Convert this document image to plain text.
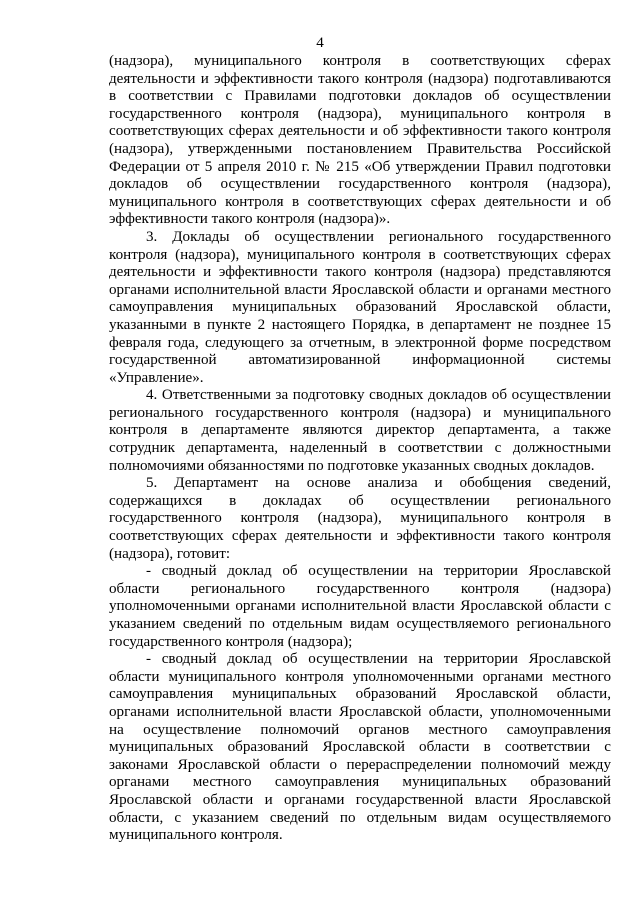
4

(надзора), муниципального контроля в соответствующих сферах деятельности и эффективности такого контроля (надзора) подготавливаются в соответствии с Правилами подготовки докладов об осуществлении государственного контроля (надзора), муниципального контроля в соответствующих сферах деятельности и об эффективности такого контроля (надзора), утвержденными постановлением Правительства Российской Федерации от 5 апреля 2010 г. № 215 «Об утверждении Правил подготовки докладов об осуществлении государственного контроля (надзора), муниципального контроля в соответствующих сферах деятельности и об эффективности такого контроля (надзора)».

3. Доклады об осуществлении регионального государственного контроля (надзора), муниципального контроля в соответствующих сферах деятельности и эффективности такого контроля (надзора) представляются органами исполнительной власти Ярославской области и органами местного самоуправления муниципальных образований Ярославской области, указанными в пункте 2 настоящего Порядка, в департамент не позднее 15 февраля года, следующего за отчетным, в электронной форме посредством государственной автоматизированной информационной системы «Управление».

4. Ответственными за подготовку сводных докладов об осуществлении регионального государственного контроля (надзора) и муниципального контроля в департаменте являются директор департамента, а также сотрудник департамента, наделенный в соответствии с должностными полномочиями обязанностями по подготовке указанных сводных докладов.

5. Департамент на основе анализа и обобщения сведений, содержащихся в докладах об осуществлении регионального государственного контроля (надзора), муниципального контроля в соответствующих сферах деятельности и эффективности такого контроля (надзора), готовит:

- сводный доклад об осуществлении на территории Ярославской области регионального государственного контроля (надзора) уполномоченными органами исполнительной власти Ярославской области с указанием сведений по отдельным видам осуществляемого регионального государственного контроля (надзора);

- сводный доклад об осуществлении на территории Ярославской области муниципального контроля уполномоченными органами местного самоуправления муниципальных образований Ярославской области, органами исполнительной власти Ярославской области, уполномоченными на осуществление полномочий органов местного самоуправления муниципальных образований Ярославской области в соответствии с законами Ярославской области о перераспределении полномочий между органами местного самоуправления муниципальных образований Ярославской области и органами государственной власти Ярославской области, с указанием сведений по отдельным видам осуществляемого муниципального контроля.
